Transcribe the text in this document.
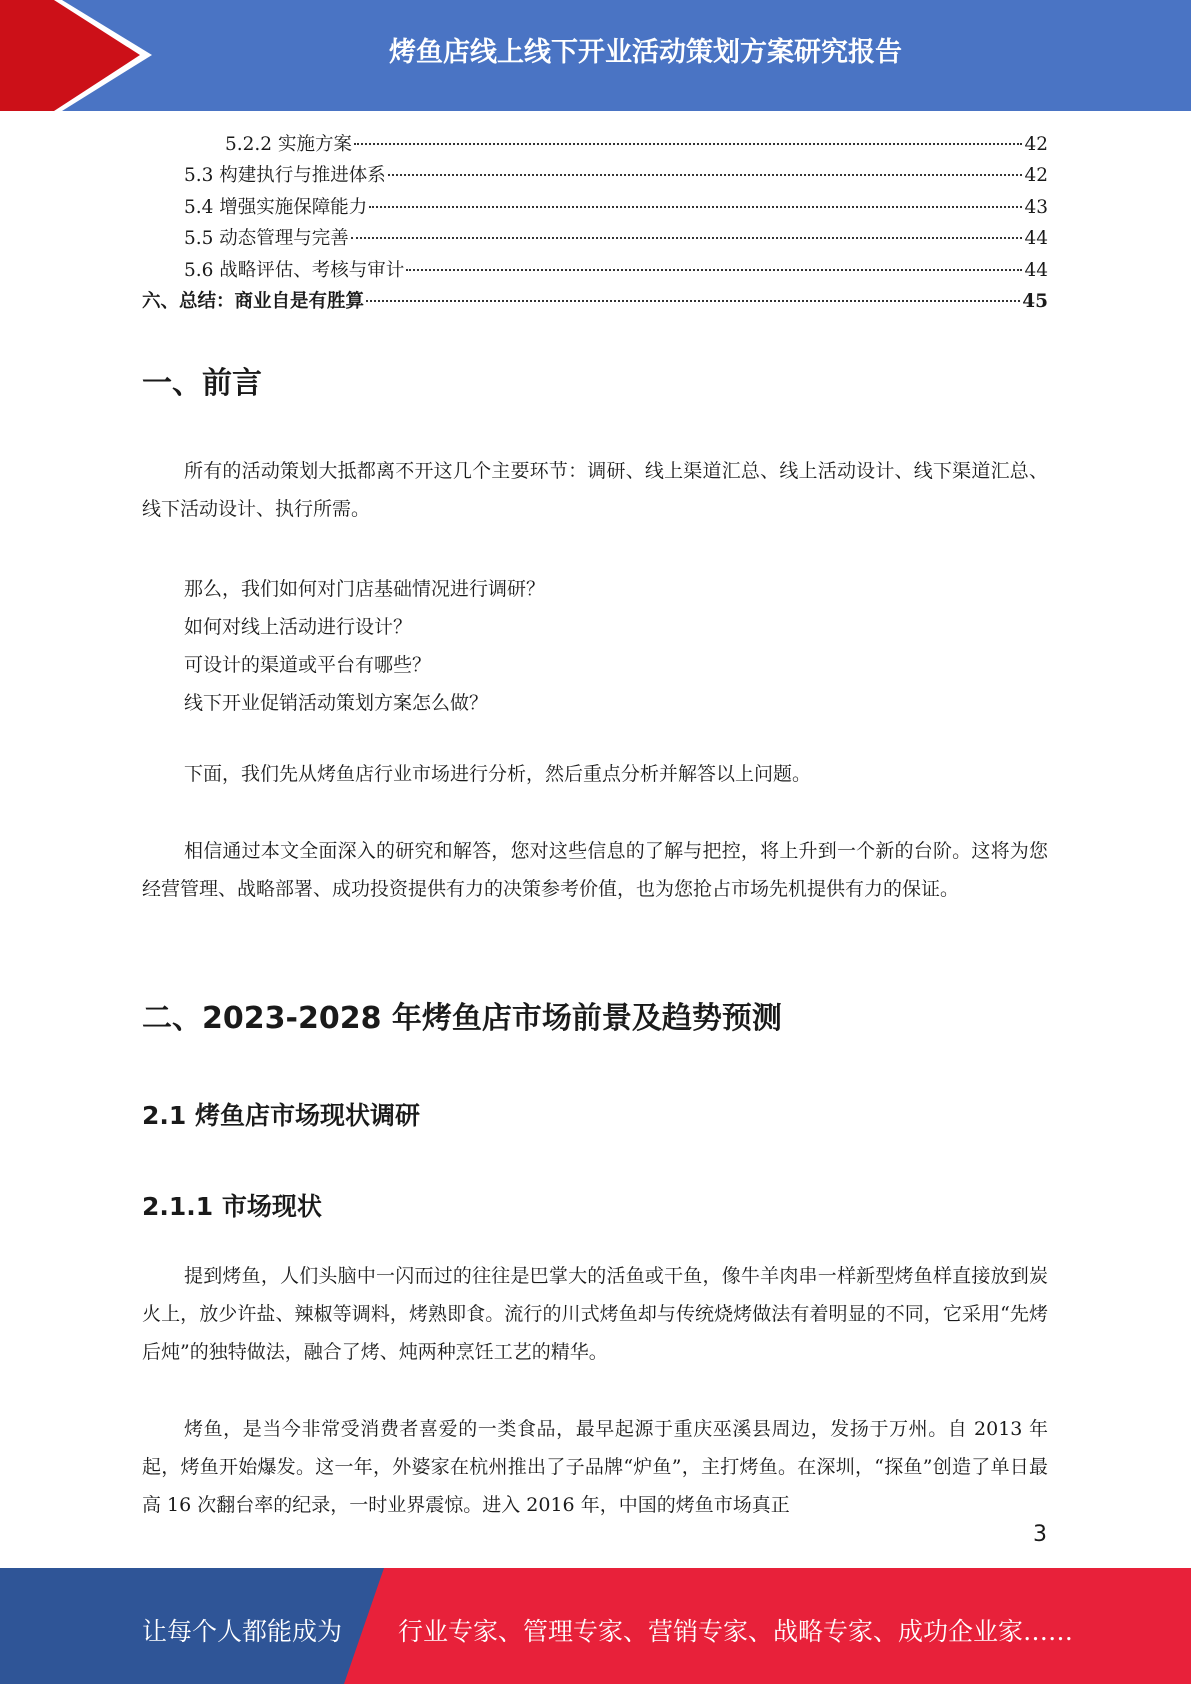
烤鱼店线上线下开业活动策划方案研究报告
5.2.2 实施方案	42
5.3 构建执行与推进体系	42
5.4 增强实施保障能力	43
5.5 动态管理与完善	44
5.6 战略评估、考核与审计	44
六、总结：商业自是有胜算	45
一、前言

所有的活动策划大抵都离不开这几个主要环节：调研、线上渠道汇总、线上活动设计、线下渠道汇总、线下活动设计、执行所需。

那么，我们如何对门店基础情况进行调研？

如何对线上活动进行设计？

可设计的渠道或平台有哪些？

线下开业促销活动策划方案怎么做？

下面，我们先从烤鱼店行业市场进行分析，然后重点分析并解答以上问题。

相信通过本文全面深入的研究和解答，您对这些信息的了解与把控，将上升到一个新的台阶。这将为您经营管理、战略部署、成功投资提供有力的决策参考价值，也为您抢占市场先机提供有力的保证。

二、2023-2028 年烤鱼店市场前景及趋势预测
2.1 烤鱼店市场现状调研
2.1.1 市场现状

提到烤鱼，人们头脑中一闪而过的往往是巴掌大的活鱼或干鱼，像牛羊肉串一样新型烤鱼样直接放到炭火上，放少许盐、辣椒等调料，烤熟即食。流行的川式烤鱼却与传统烧烤做法有着明显的不同，它采用“先烤后炖”的独特做法，融合了烤、炖两种烹饪工艺的精华。

烤鱼，是当今非常受消费者喜爱的一类食品，最早起源于重庆巫溪县周边，发扬于万州。自 2013 年起，烤鱼开始爆发。这一年，外婆家在杭州推出了子品牌“炉鱼”，主打烤鱼。在深圳，“探鱼”创造了单日最高 16 次翻台率的纪录，一时业界震惊。进入 2016 年，中国的烤鱼市场真正

3
让每个人都能成为 行业专家、管理专家、营销专家、战略专家、成功企业家……
